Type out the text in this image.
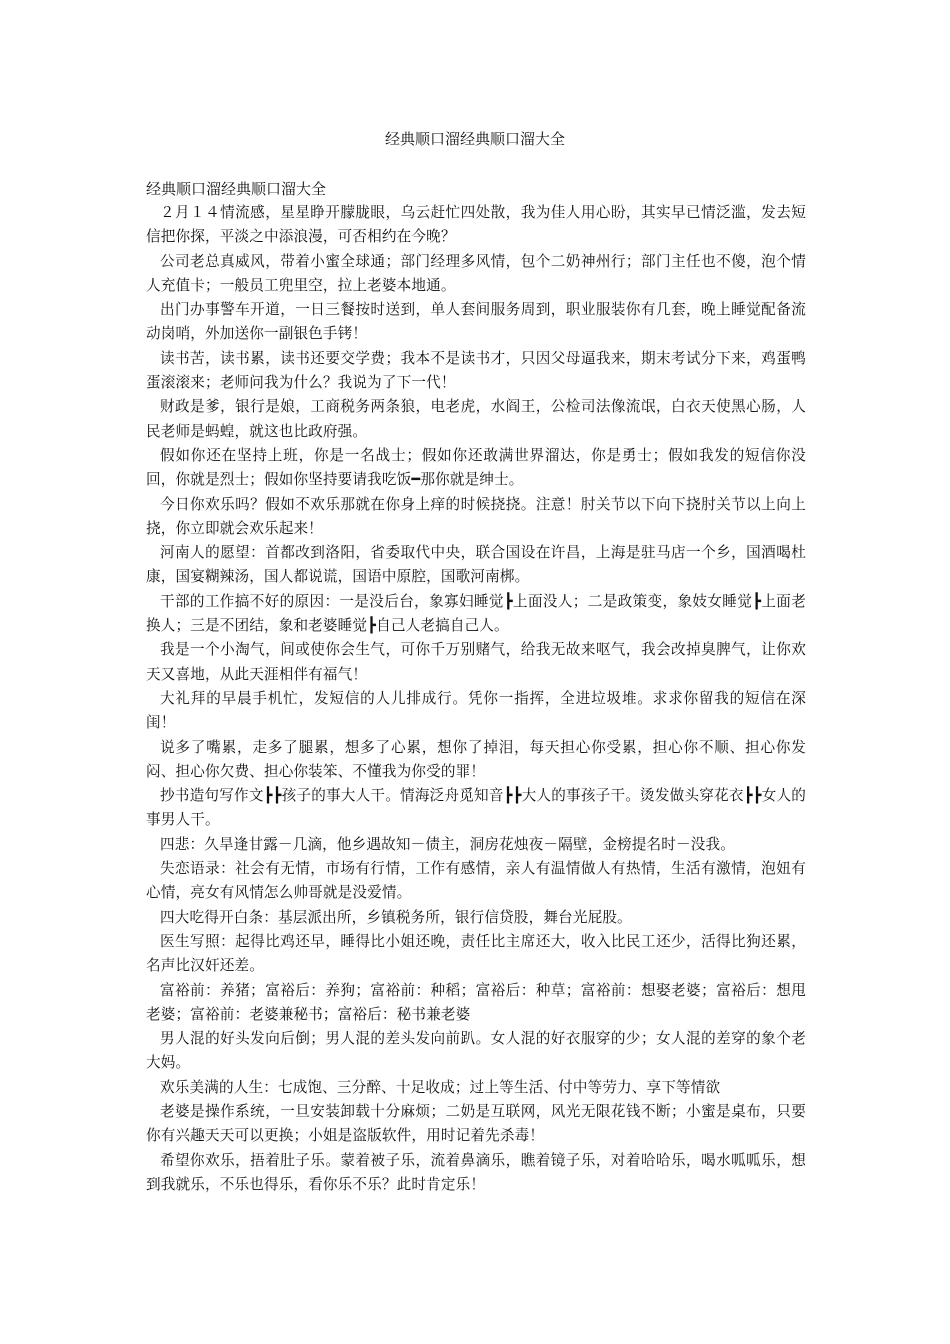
经典顺口溜经典顺口溜大全

经典顺口溜经典顺口溜大全

２月１４情流感，星星睁开朦胧眼，乌云赶忙四处散，我为佳人用心盼，其实早已情泛滥，发去短信把你探，平淡之中添浪漫，可否相约在今晚？

公司老总真威风，带着小蜜全球通；部门经理多风情，包个二奶神州行；部门主任也不傻，泡个情人充值卡；一般员工兜里空，拉上老婆本地通。

出门办事警车开道，一日三餐按时送到，单人套间服务周到，职业服装你有几套，晚上睡觉配备流动岗哨，外加送你一副银色手铐！

读书苦，读书累，读书还要交学费；我本不是读书才，只因父母逼我来，期末考试分下来，鸡蛋鸭蛋滚滚来；老师问我为什么？我说为了下一代！

财政是爹，银行是娘，工商税务两条狼，电老虎，水阎王，公检司法像流氓，白衣天使黑心肠，人民老师是蚂蝗，就这也比政府强。

假如你还在坚持上班，你是一名战士；假如你还敢满世界溜达，你是勇士；假如我发的短信你没回，你就是烈士；假如你坚持要请我吃饭━那你就是绅士。

今日你欢乐吗？假如不欢乐那就在你身上痒的时候挠挠。注意！肘关节以下向下挠肘关节以上向上挠，你立即就会欢乐起来！

河南人的愿望：首都改到洛阳，省委取代中央，联合国设在许昌，上海是驻马店一个乡，国酒喝杜康，国宴糊辣汤，国人都说谎，国语中原腔，国歌河南梆。

干部的工作搞不好的原因：一是没后台，象寡妇睡觉┣上面没人；二是政策变，象妓女睡觉┣上面老换人；三是不团结，象和老婆睡觉┣自己人老搞自己人。

我是一个小淘气，间或使你会生气，可你千万别赌气，给我无故来呕气，我会改掉臭脾气，让你欢天又喜地，从此天涯相伴有福气！

大礼拜的早晨手机忙，发短信的人儿排成行。凭你一指挥，全进垃圾堆。求求你留我的短信在深闺！

说多了嘴累，走多了腿累，想多了心累，想你了掉泪，每天担心你受累，担心你不顺、担心你发闷、担心你欠费、担心你装笨、不懂我为你受的罪！

抄书造句写作文┣┣孩子的事大人干。情海泛舟觅知音┣┣大人的事孩子干。烫发做头穿花衣┣┣女人的事男人干。

四悲：久旱逢甘露－几滴，他乡遇故知－债主，洞房花烛夜－隔壁，金榜提名时－没我。

失恋语录：社会有无情，市场有行情，工作有感情，亲人有温情做人有热情，生活有激情，泡妞有心情，亮女有风情怎么帅哥就是没爱情。

四大吃得开白条：基层派出所，乡镇税务所，银行信贷股，舞台光屁股。

医生写照：起得比鸡还早，睡得比小姐还晚，责任比主席还大，收入比民工还少，活得比狗还累，名声比汉奸还差。

富裕前：养猪；富裕后：养狗；富裕前：种稻；富裕后：种草；富裕前：想娶老婆；富裕后：想甩老婆；富裕前：老婆兼秘书；富裕后：秘书兼老婆

男人混的好头发向后倒；男人混的差头发向前趴。女人混的好衣服穿的少；女人混的差穿的象个老大妈。

欢乐美满的人生：七成饱、三分醉、十足收成；过上等生活、付中等劳力、享下等情欲

老婆是操作系统，一旦安装卸载十分麻烦；二奶是互联网，风光无限花钱不断；小蜜是桌布，只要你有兴趣天天可以更换；小姐是盗版软件，用时记着先杀毒！

希望你欢乐，捂着肚子乐。蒙着被子乐，流着鼻滴乐，瞧着镜子乐，对着哈哈乐，喝水呱呱乐，想到我就乐，不乐也得乐，看你乐不乐？此时肯定乐！
